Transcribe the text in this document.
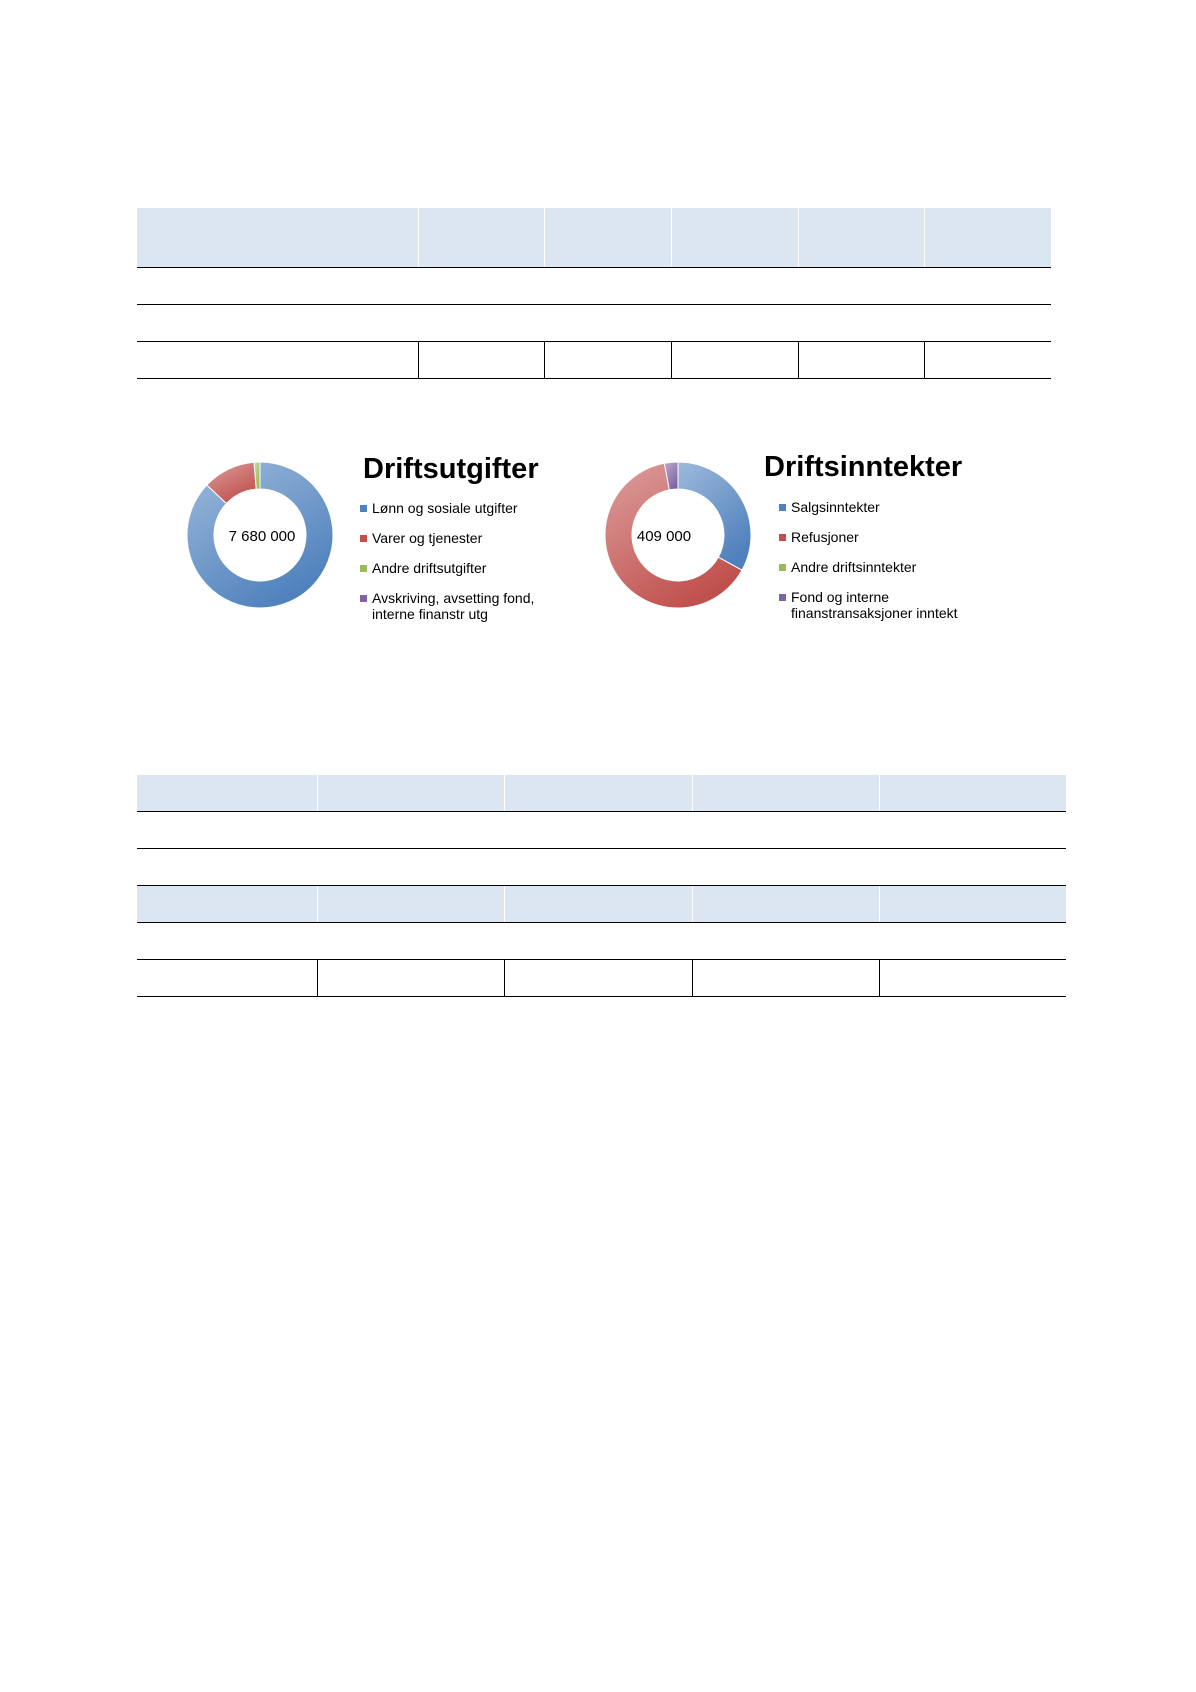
7 680 000
Driftsutgifter
Lønn og sosiale utgifter
Varer og tjenester
Andre driftsutgifter
Avskriving, avsetting fond, interne finanstr utg
409 000
Driftsinntekter
Salgsinntekter
Refusjoner
Andre driftsinntekter
Fond og interne finanstransaksjoner inntekt
